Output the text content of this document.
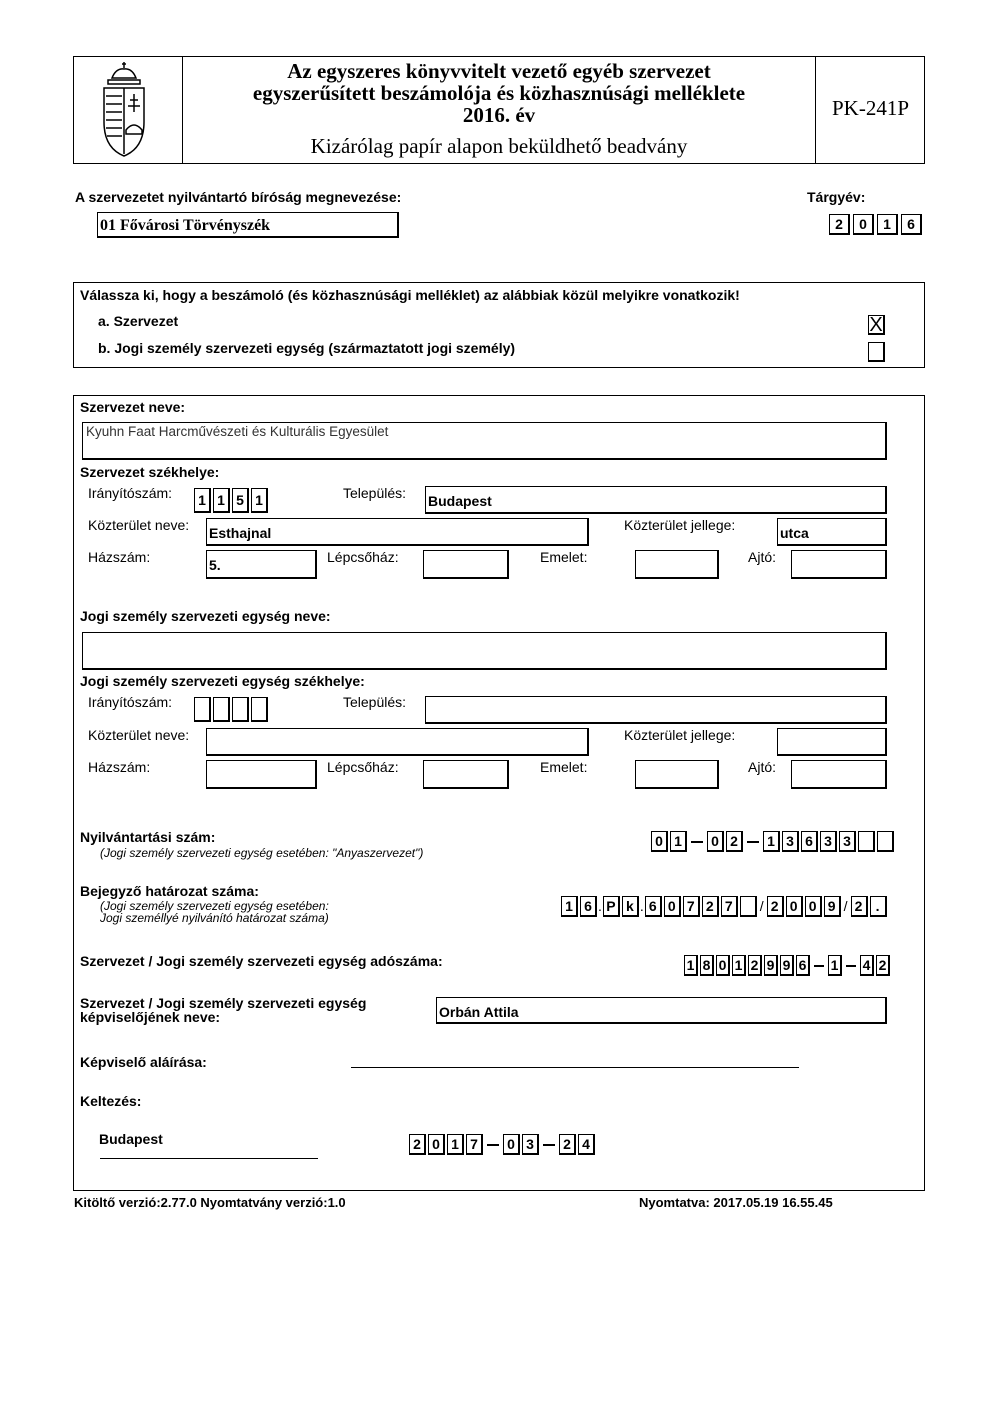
Az egyszeres könyvvitelt vezető egyéb szervezet
egyszerűsített beszámolója és közhasznúsági melléklete
2016. év
Kizárólag papír alapon beküldhető beadvány
PK-241P
A szervezetet nyilvántartó bíróság megnevezése:
01 Fővárosi Törvényszék
Tárgyév:
2	0	1	6
Válassza ki, hogy a beszámoló (és közhasznúsági melléklet) az alábbiak közül melyikre vonatkozik!
a. Szervezet	X
b. Jogi személy szervezeti egység (származtatott jogi személy)
Szervezet neve:
Kyuhn Faat Harcművészeti és Kulturális Egyesület
Szervezet székhelye:
Irányítószám: 1 1 5 1	Település: Budapest
Közterület neve: Esthajnal	Közterület jellege:	utca
Házszám:	5.	Lépcsőház:	Emelet:	Ajtó:
Jogi személy szervezeti egység neve:
Jogi személy szervezeti egység székhelye:
Irányítószám:	Település:
Közterület neve:	Közterület jellege:
Házszám:	Lépcsőház:	Emelet:	Ajtó:
Nyilvántartási szám:
(Jogi személy szervezeti egység esetében: "Anyaszervezet")
0 1	0 2	1 3 6 3 3
Bejegyző határozat száma:
(Jogi személy szervezeti egység esetében:
Jogi személlyé nyilvánító határozat száma)
1 6 . P k . 6 0 7 2 7	/ 2 0 0 9 / 2 .
Szervezet / Jogi személy szervezeti egység adószáma:	1 8 0 1 2 9 9 6 1 4 2
Szervezet / Jogi személy szervezeti egység
képviselőjének neve:	Orbán Attila
Képviselő aláírása:
Keltezés:
Budapest	2 0 1 7	0 3	2 4
Kitöltő verzió:2.77.0 Nyomtatvány verzió:1.0	Nyomtatva: 2017.05.19 16.55.45
